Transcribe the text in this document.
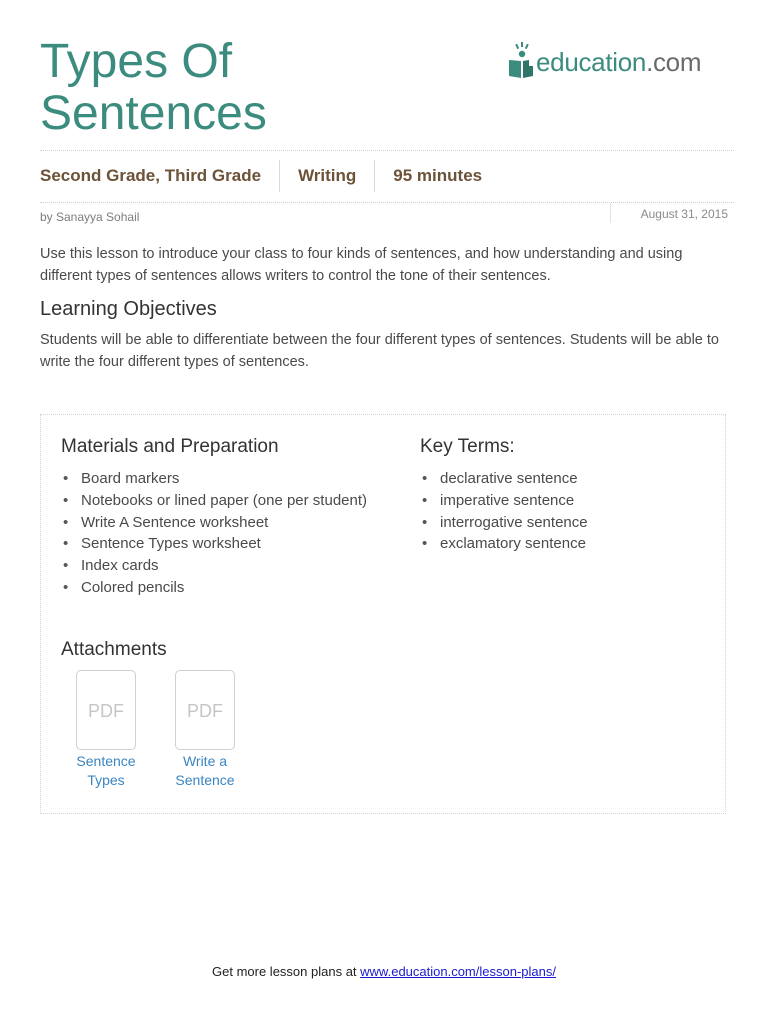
Types Of
Sentences
education.com
Second Grade, Third Grade Writing 95 minutes
by Sanayya Sohail	August 31, 2015

Use this lesson to introduce your class to four kinds of sentences, and how understanding and using different types of sentences allows writers to control the tone of their sentences.

Learning Objectives

Students will be able to differentiate between the four different types of sentences. Students will be able to write the four different types of sentences.

Materials and Preparation
• Board markers
• Notebooks or lined paper (one per student)
• Write A Sentence worksheet
• Sentence Types worksheet
• Index cards
• Colored pencils
Key Terms:
• declarative sentence
• imperative sentence
• interrogative sentence
• exclamatory sentence
Attachments
PDF
Sentence
Types
PDF
Write a
Sentence
Get more lesson plans at www.education.com/lesson-plans/
